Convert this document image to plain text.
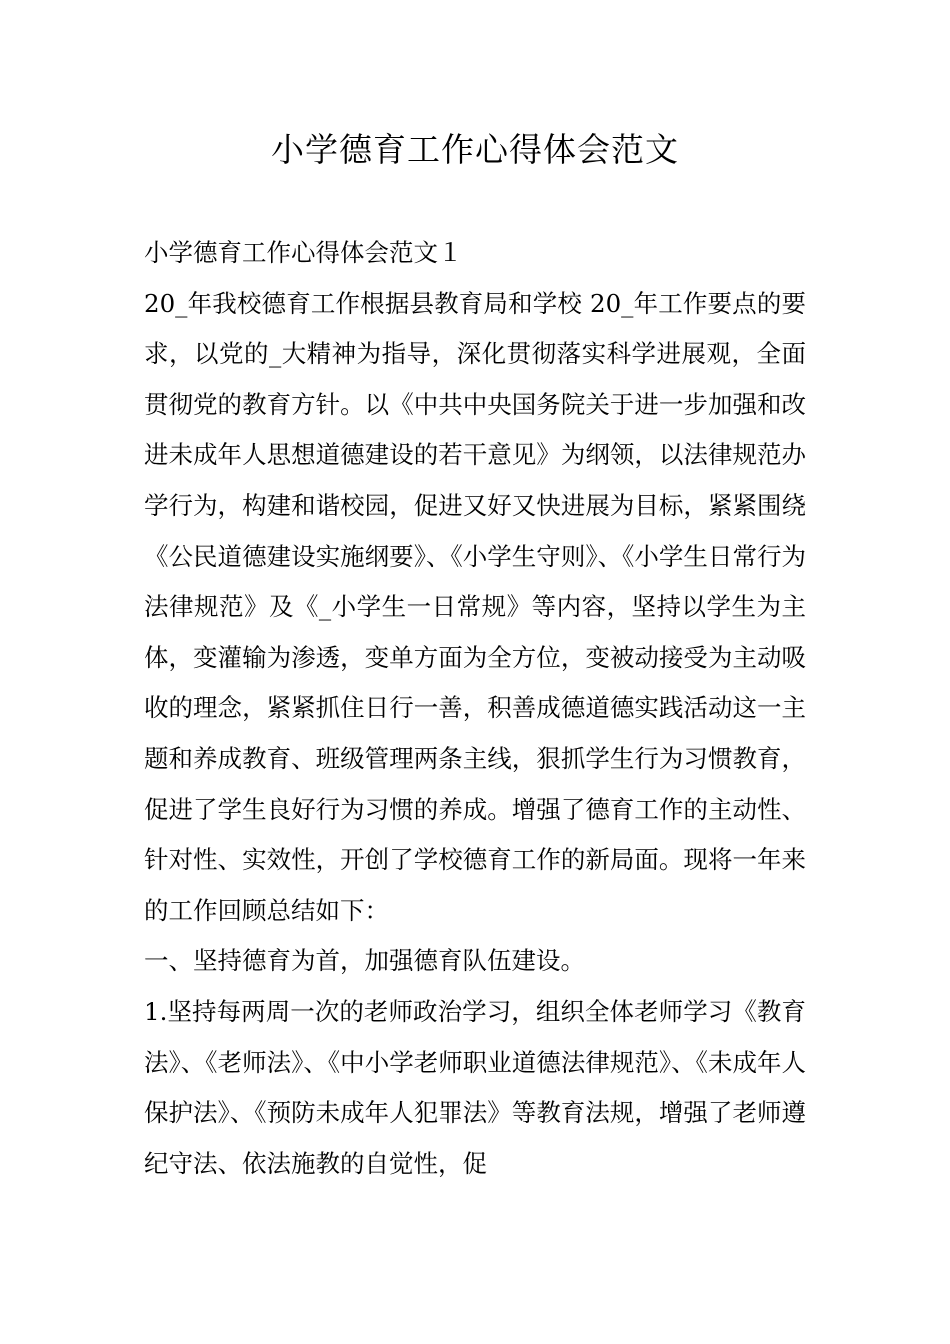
小学德育工作心得体会范文

小学德育工作心得体会范文１

20_年我校德育工作根据县教育局和学校 20_年工作要点的要求，以党的_大精神为指导，深化贯彻落实科学进展观，全面贯彻党的教育方针。以《中共中央国务院关于进一步加强和改进未成年人思想道德建设的若干意见》为纲领，以法律规范办学行为，构建和谐校园，促进又好又快进展为目标，紧紧围绕《公民道德建设实施纲要》、《小学生守则》、《小学生日常行为法律规范》及《_小学生一日常规》等内容，坚持以学生为主体，变灌输为渗透，变单方面为全方位，变被动接受为主动吸收的理念，紧紧抓住日行一善，积善成德道德实践活动这一主题和养成教育、班级管理两条主线，狠抓学生行为习惯教育，促进了学生良好行为习惯的养成。增强了德育工作的主动性、针对性、实效性，开创了学校德育工作的新局面。现将一年来的工作回顾总结如下：

一、坚持德育为首，加强德育队伍建设。

1.坚持每两周一次的老师政治学习，组织全体老师学习《教育法》、《老师法》、《中小学老师职业道德法律规范》、《未成年人保护法》、《预防未成年人犯罪法》等教育法规，增强了老师遵纪守法、依法施教的自觉性，促
